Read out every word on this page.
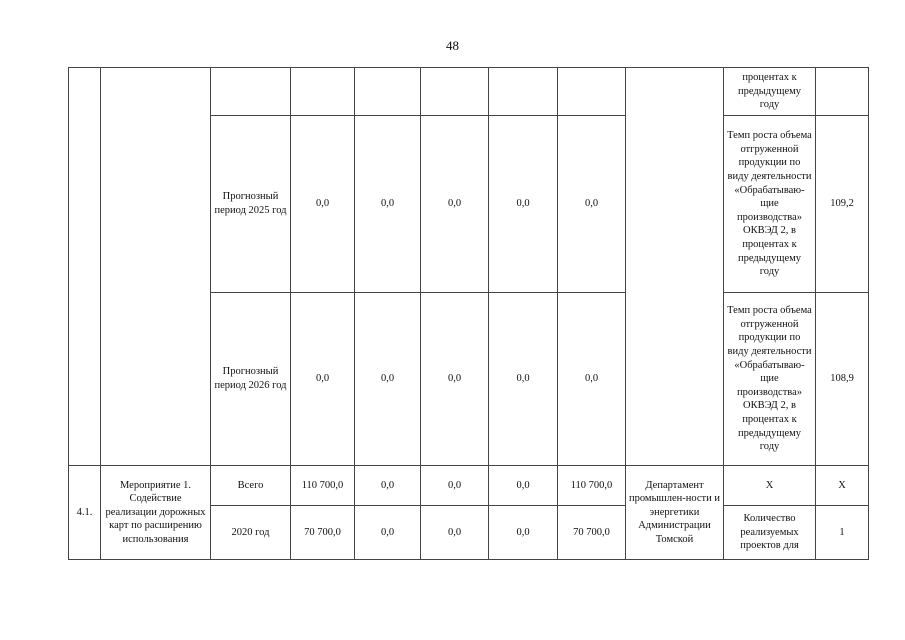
48
									процентах к предыдущему году	
		Прогнозный период 2025 год	0,0	0,0	0,0	0,0	0,0		Темп роста объема отгруженной продукции по виду деятельности «Обрабатываю-щие производства» ОКВЭД 2, в процентах к предыдущему году	109,2
		Прогнозный период 2026 год	0,0	0,0	0,0	0,0	0,0		Темп роста объема отгруженной продукции по виду деятельности «Обрабатываю-щие производства» ОКВЭД 2, в процентах к предыдущему году	108,9
4.1.	Мероприятие 1. Содействие реализации дорожных карт по расширению использования	Всего	110 700,0	0,0	0,0	0,0	110 700,0	Департамент промышлен-ности и энергетики Администрации Томской	Х	Х
		2020 год	70 700,0	0,0	0,0	0,0	70 700,0		Количество реализуемых проектов для	1
